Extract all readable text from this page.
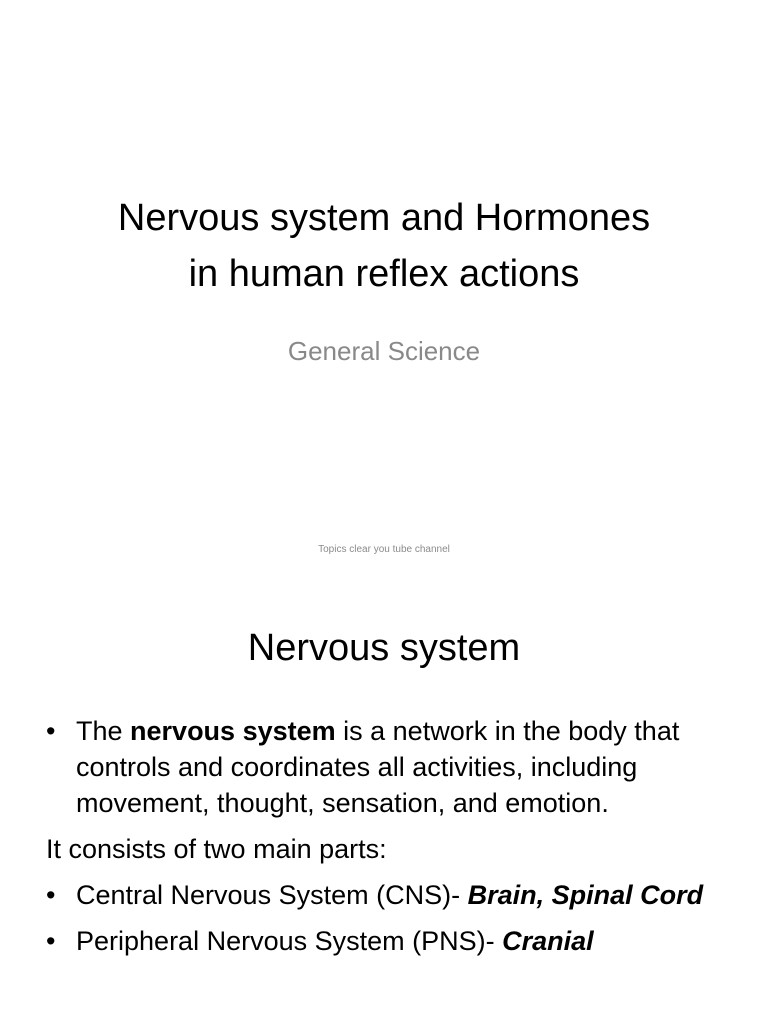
Nervous system and Hormones
in human reflex actions
General Science
Topics clear you tube channel
Nervous system
• The nervous system is a network in the body that controls and coordinates all activities, including movement, thought, sensation, and emotion.
It consists of two main parts:
• Central Nervous System (CNS)- Brain, Spinal Cord
• Peripheral Nervous System (PNS)- Cranial
